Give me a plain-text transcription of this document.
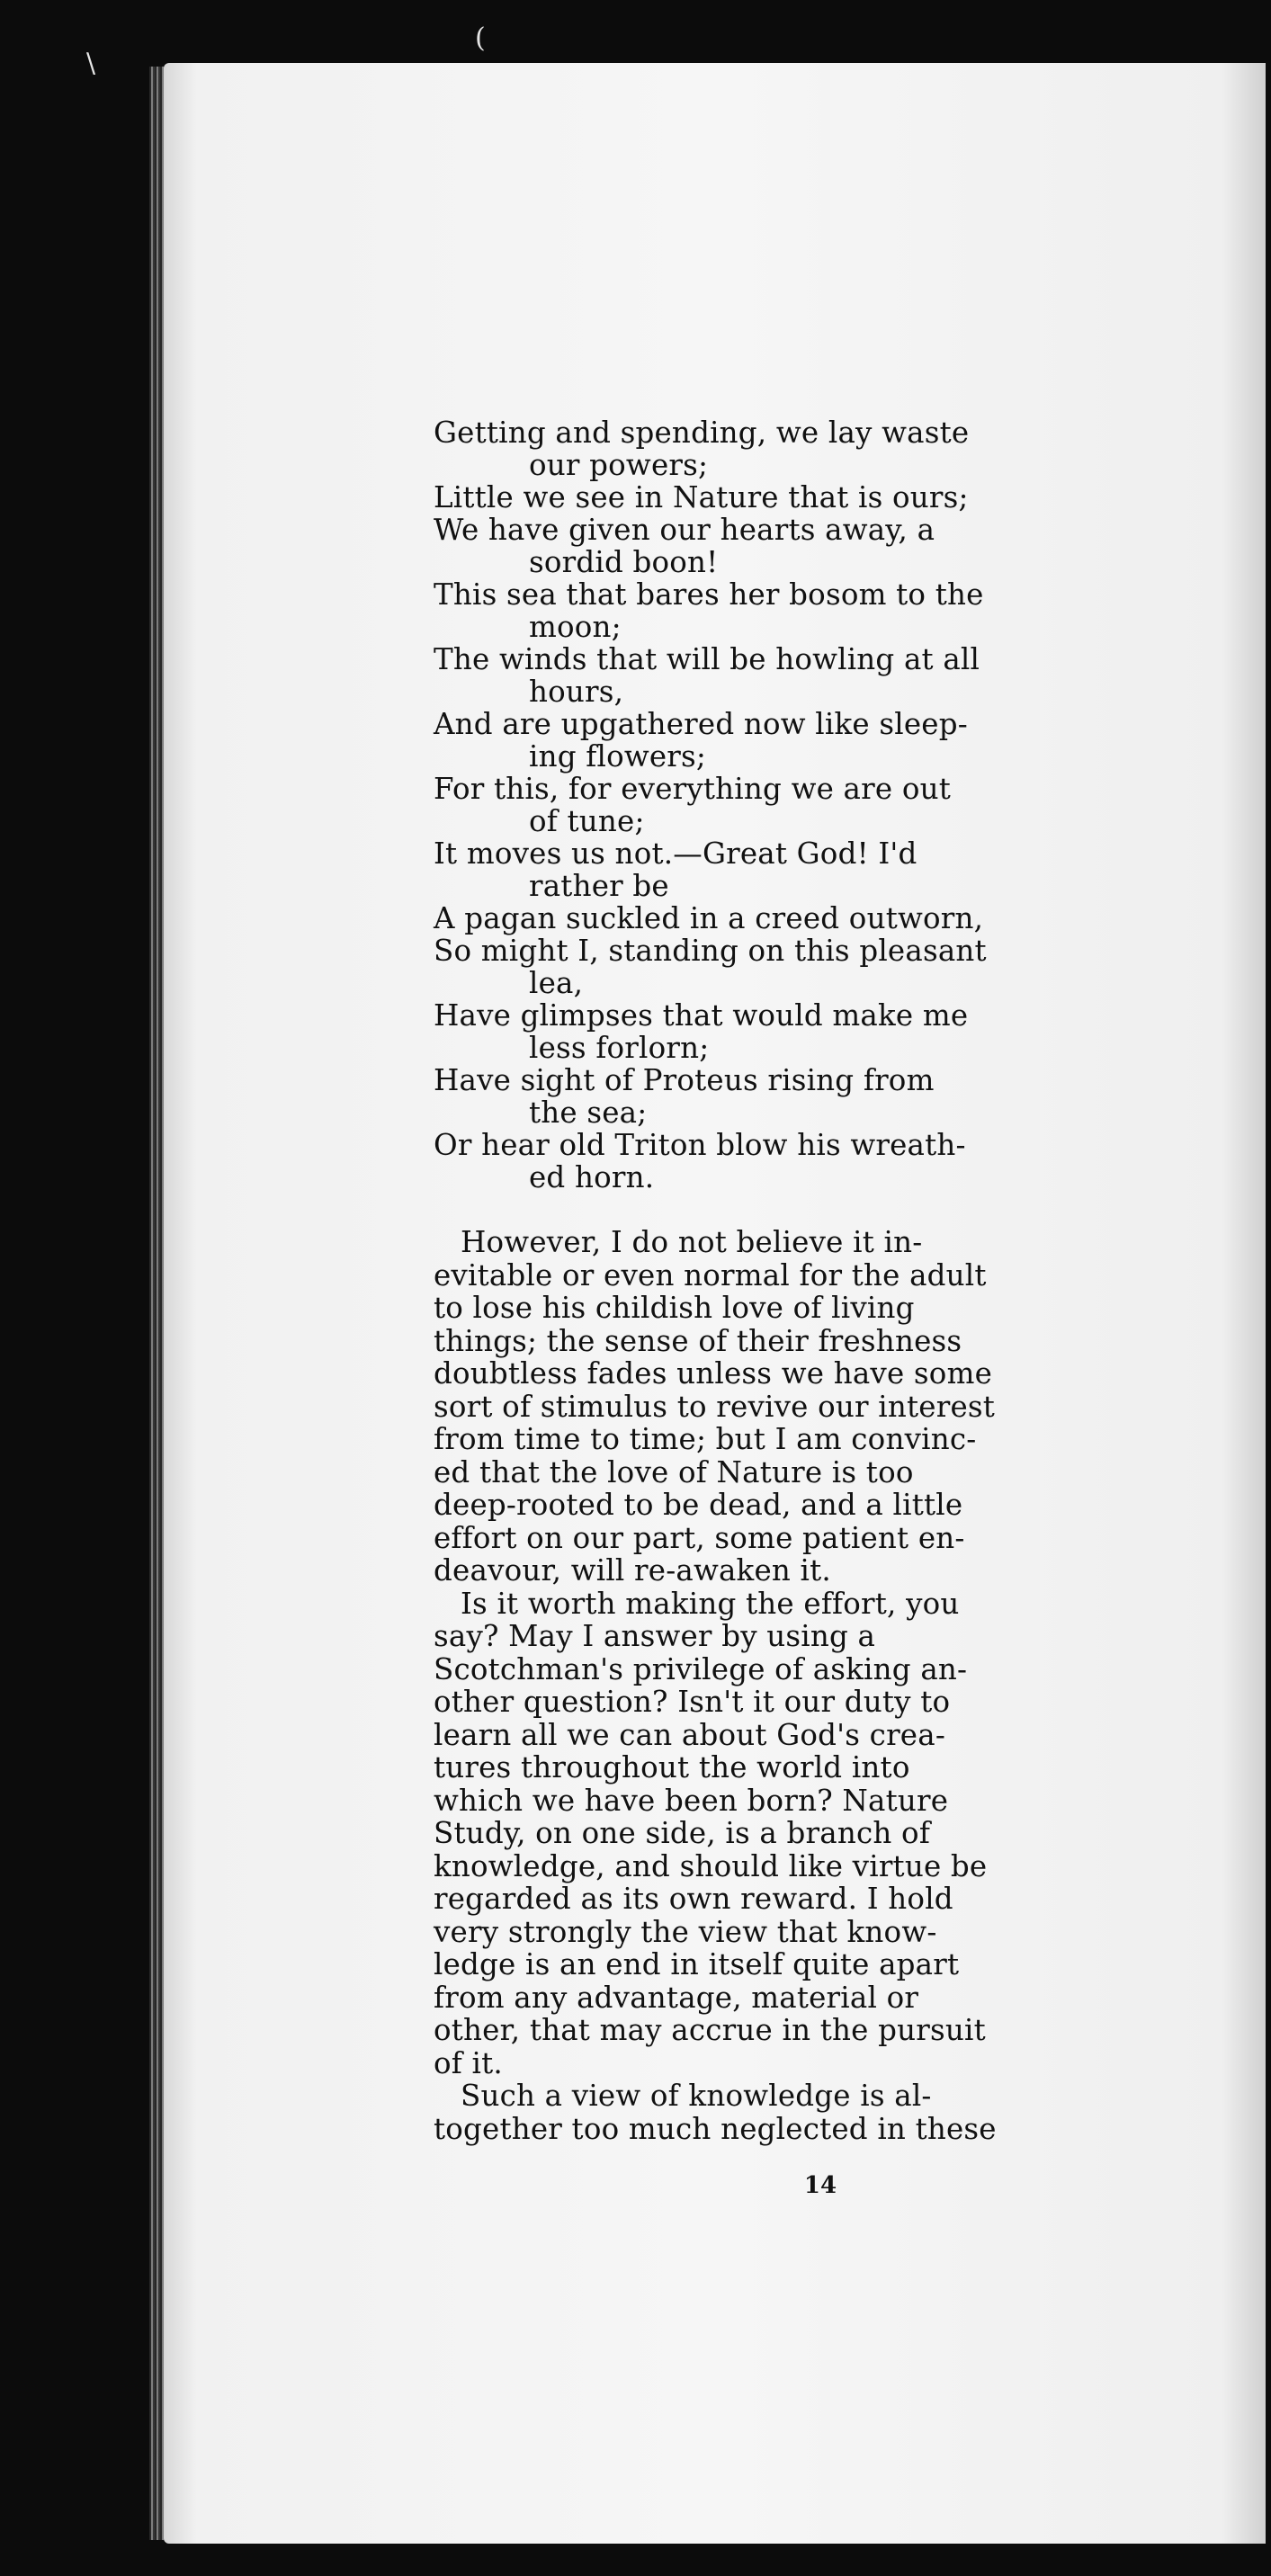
Getting and spending, we lay waste

our powers;

Little we see in Nature that is ours;

We have given our hearts away, a

sordid boon!

This sea that bares her bosom to the

moon;

The winds that will be howling at all

hours,

And are upgathered now like sleep-

ing flowers;

For this, for everything we are out

of tune;

It moves us not.—Great God! I'd

rather be

A pagan suckled in a creed outworn,

So might I, standing on this pleasant

lea,

Have glimpses that would make me

less forlorn;

Have sight of Proteus rising from

the sea;

Or hear old Triton blow his wreath-

ed horn.

However, I do not believe it in-

evitable or even normal for the adult

to lose his childish love of living

things; the sense of their freshness

doubtless fades unless we have some

sort of stimulus to revive our interest

from time to time; but I am convinc-

ed that the love of Nature is too

deep-rooted to be dead, and a little

effort on our part, some patient en-

deavour, will re-awaken it.

Is it worth making the effort, you

say? May I answer by using a

Scotchman's privilege of asking an-

other question? Isn't it our duty to

learn all we can about God's crea-

tures throughout the world into

which we have been born? Nature

Study, on one side, is a branch of

knowledge, and should like virtue be

regarded as its own reward. I hold

very strongly the view that know-

ledge is an end in itself quite apart

from any advantage, material or

other, that may accrue in the pursuit

of it.

Such a view of knowledge is al-

together too much neglected in these

14
\
(
